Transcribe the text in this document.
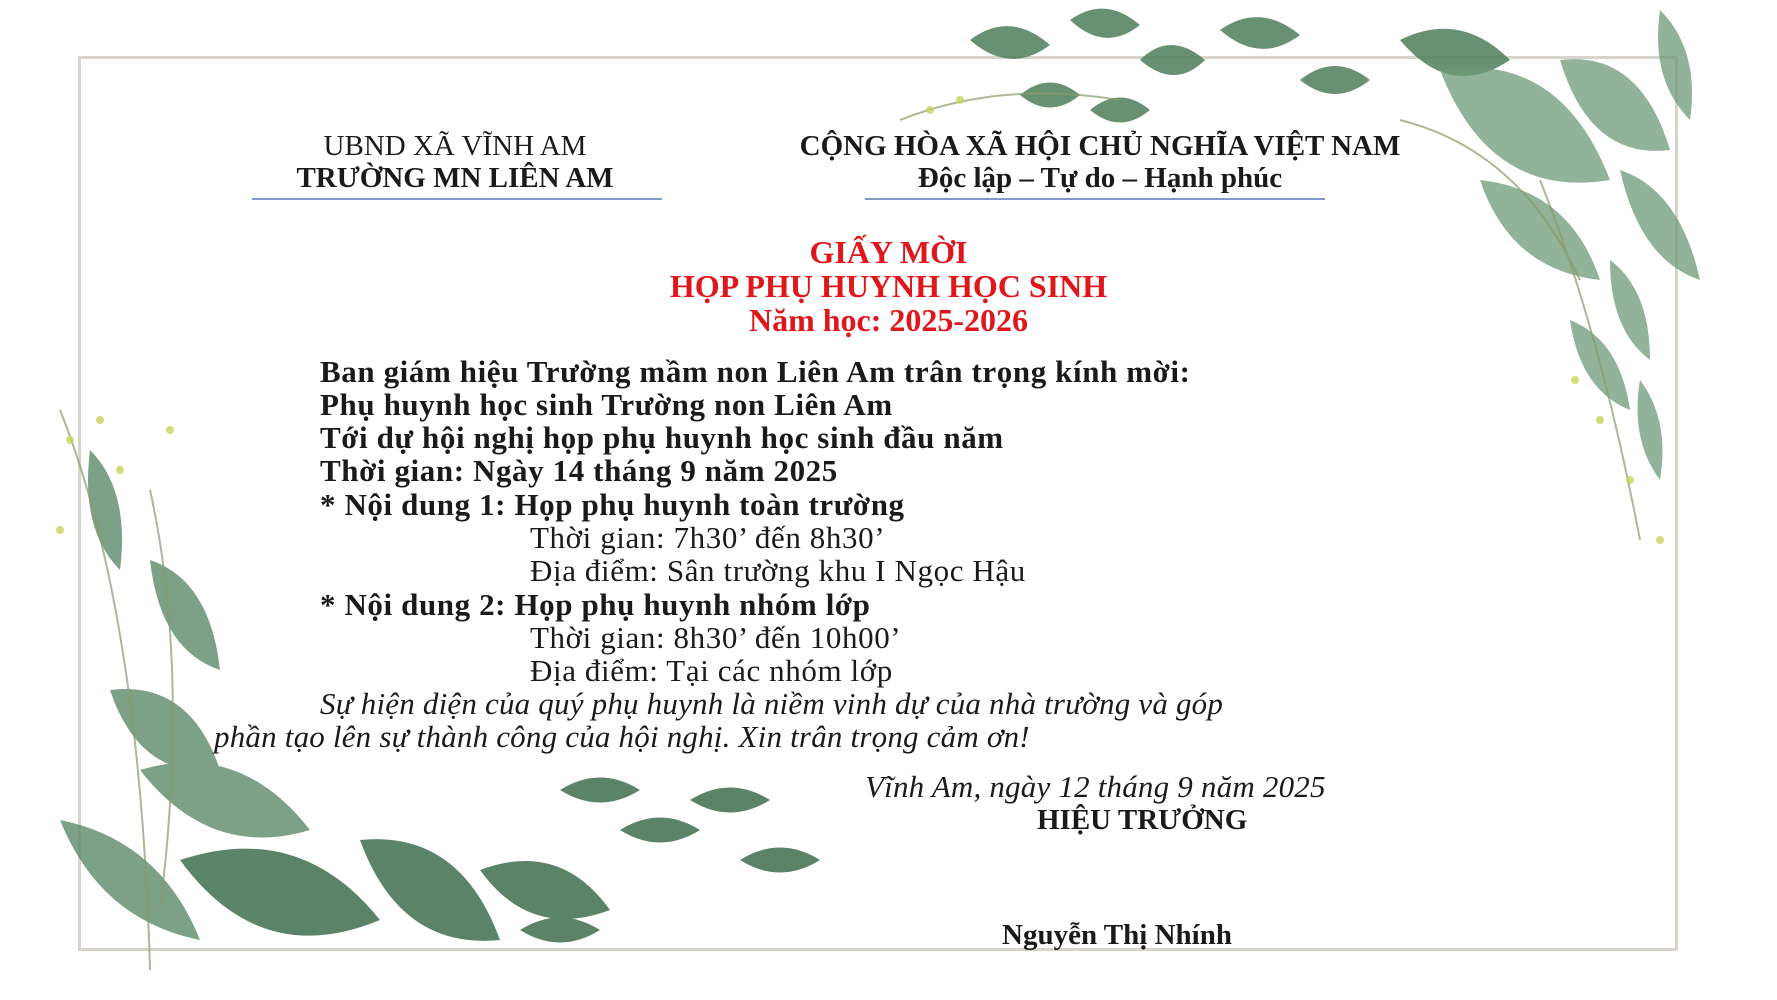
UBND XÃ VĨNH AM
TRƯỜNG MN LIÊN AM
CỘNG HÒA XÃ HỘI CHỦ NGHĨA VIỆT NAM
Độc lập – Tự do – Hạnh phúc
GIẤY MỜI
HỌP PHỤ HUYNH HỌC SINH
Năm học: 2025-2026
Ban giám hiệu Trường mầm non Liên Am trân trọng kính mời:
Phụ huynh học sinh Trường non Liên Am
Tới dự hội nghị họp phụ huynh học sinh đầu năm
Thời gian: Ngày 14 tháng 9 năm 2025
* Nội dung 1: Họp phụ huynh toàn trường
Thời gian: 7h30’ đến 8h30’
Địa điểm: Sân trường khu I Ngọc Hậu
* Nội dung 2: Họp phụ huynh nhóm lớp
Thời gian: 8h30’ đến 10h00’
Địa điểm: Tại các nhóm lớp
Sự hiện diện của quý phụ huynh là niềm vinh dự của nhà trường và góp
phần tạo lên sự thành công của hội nghị. Xin trân trọng cảm ơn!
Vĩnh Am, ngày 12 tháng 9 năm 2025
HIỆU TRƯỞNG
Nguyễn Thị Nhính
